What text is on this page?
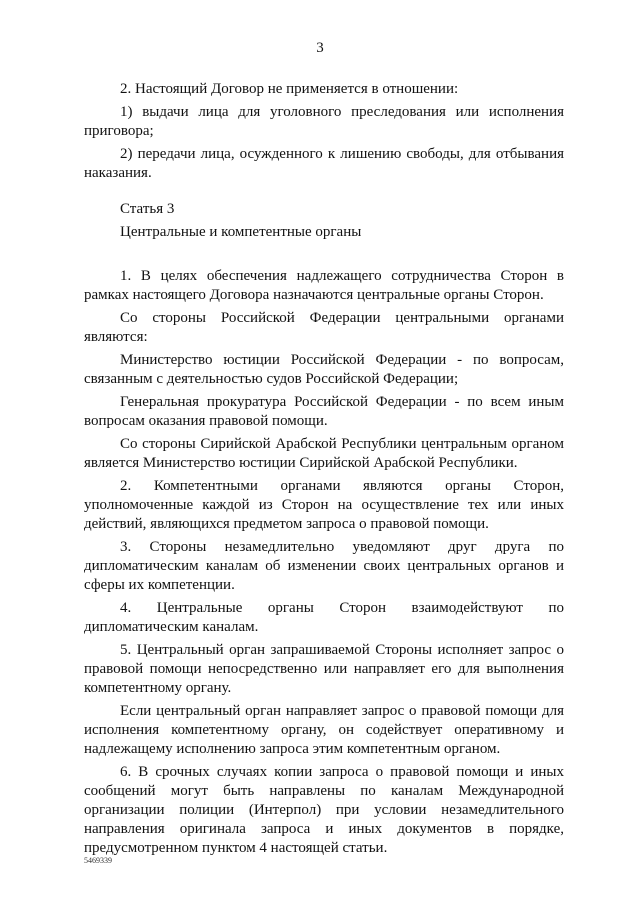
3

2. Настоящий Договор не применяется в отношении:

1) выдачи лица для уголовного преследования или исполнения приговора;

2) передачи лица, осужденного к лишению свободы, для отбывания наказания.

Статья 3

Центральные и компетентные органы

1. В целях обеспечения надлежащего сотрудничества Сторон в рамках настоящего Договора назначаются центральные органы Сторон.

Со стороны Российской Федерации центральными органами являются:

Министерство юстиции Российской Федерации - по вопросам, связанным с деятельностью судов Российской Федерации;

Генеральная прокуратура Российской Федерации - по всем иным вопросам оказания правовой помощи.

Со стороны Сирийской Арабской Республики центральным органом является Министерство юстиции Сирийской Арабской Республики.

2. Компетентными органами являются органы Сторон, уполномоченные каждой из Сторон на осуществление тех или иных действий, являющихся предметом запроса о правовой помощи.

3. Стороны незамедлительно уведомляют друг друга по дипломатическим каналам об изменении своих центральных органов и сферы их компетенции.

4. Центральные органы Сторон взаимодействуют по дипломатическим каналам.

5. Центральный орган запрашиваемой Стороны исполняет запрос о правовой помощи непосредственно или направляет его для выполнения компетентному органу.

Если центральный орган направляет запрос о правовой помощи для исполнения компетентному органу, он содействует оперативному и надлежащему исполнению запроса этим компетентным органом.

6. В срочных случаях копии запроса о правовой помощи и иных сообщений могут быть направлены по каналам Международной организации полиции (Интерпол) при условии незамедлительного направления оригинала запроса и иных документов в порядке, предусмотренном пунктом 4 настоящей статьи.

5469339
